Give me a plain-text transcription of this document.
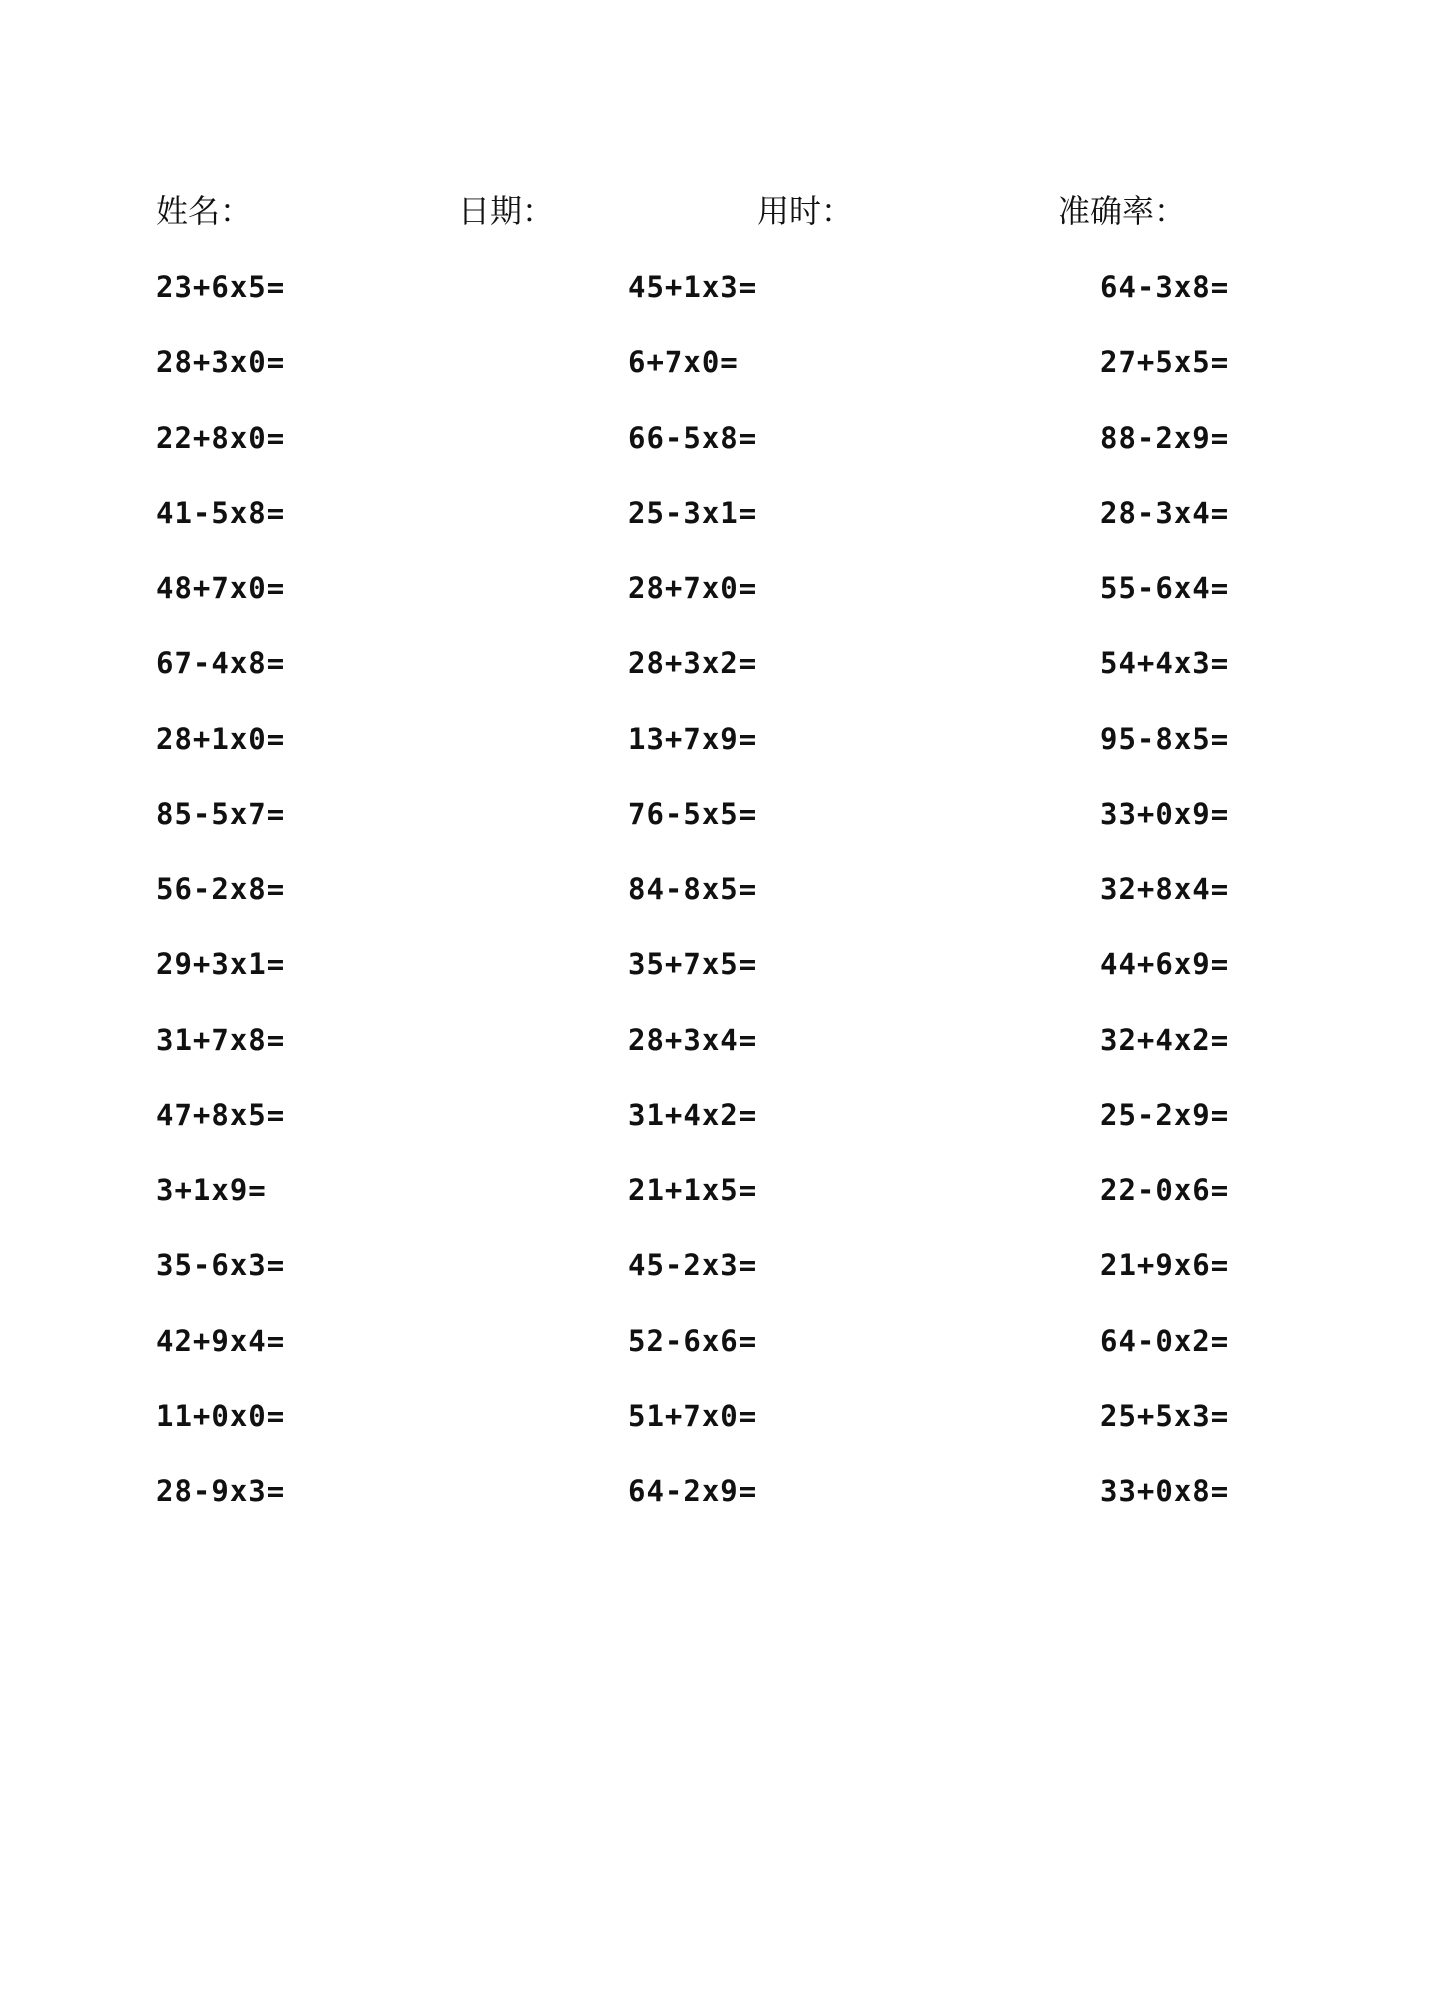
姓名：	日期：	用时：	准确率：
23+6x5=	45+1x3=	64-3x8=
28+3x0=	6+7x0=	27+5x5=
22+8x0=	66-5x8=	88-2x9=
41-5x8=	25-3x1=	28-3x4=
48+7x0=	28+7x0=	55-6x4=
67-4x8=	28+3x2=	54+4x3=
28+1x0=	13+7x9=	95-8x5=
85-5x7=	76-5x5=	33+0x9=
56-2x8=	84-8x5=	32+8x4=
29+3x1=	35+7x5=	44+6x9=
31+7x8=	28+3x4=	32+4x2=
47+8x5=	31+4x2=	25-2x9=
3+1x9=	21+1x5=	22-0x6=
35-6x3=	45-2x3=	21+9x6=
42+9x4=	52-6x6=	64-0x2=
11+0x0=	51+7x0=	25+5x3=
28-9x3=	64-2x9=	33+0x8=
